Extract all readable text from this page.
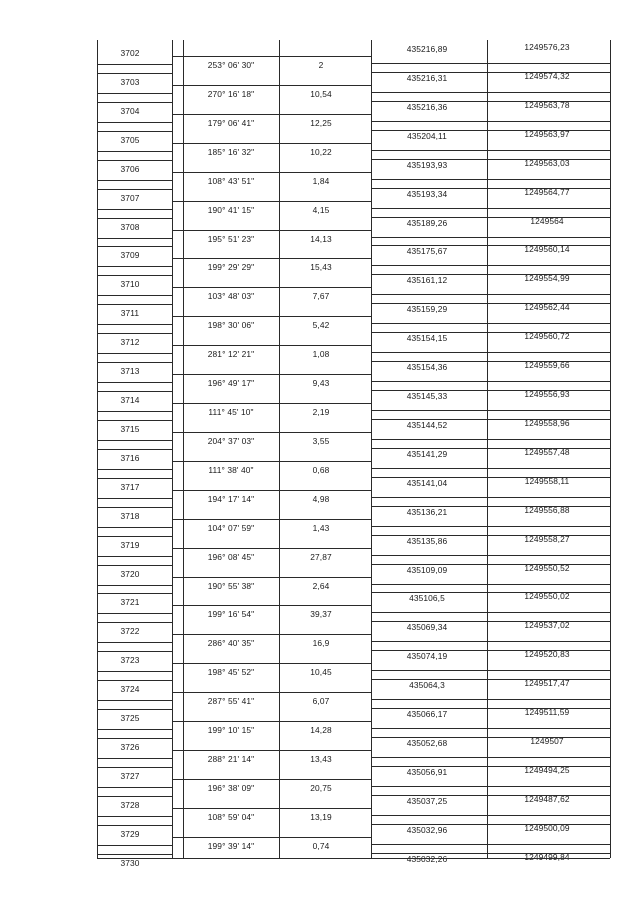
3702	435216,89	1249576,23
253° 06' 30"	2
3703	435216,31	1249574,32
270° 16' 18"	10,54
3704	435216,36	1249563,78
179° 06' 41"	12,25
3705	435204,11	1249563,97
185° 16' 32"	10,22
3706	435193,93	1249563,03
108° 43' 51"	1,84
3707	435193,34	1249564,77
190° 41' 15"	4,15
3708	435189,26	1249564
195° 51' 23"	14,13
3709	435175,67	1249560,14
199° 29' 29"	15,43
3710	435161,12	1249554,99
103° 48' 03"	7,67
3711	435159,29	1249562,44
198° 30' 06"	5,42
3712	435154,15	1249560,72
281° 12' 21"	1,08
3713	435154,36	1249559,66
196° 49' 17"	9,43
3714	435145,33	1249556,93
111° 45' 10"	2,19
3715	435144,52	1249558,96
204° 37' 03"	3,55
3716	435141,29	1249557,48
111° 38' 40"	0,68
3717	435141,04	1249558,11
194° 17' 14"	4,98
3718	435136,21	1249556,88
104° 07' 59"	1,43
3719	435135,86	1249558,27
196° 08' 45"	27,87
3720	435109,09	1249550,52
190° 55' 38"	2,64
3721	435106,5	1249550,02
199° 16' 54"	39,37
3722	435069,34	1249537,02
286° 40' 35"	16,9
3723	435074,19	1249520,83
198° 45' 52"	10,45
3724	435064,3	1249517,47
287° 55' 41"	6,07
3725	435066,17	1249511,59
199° 10' 15"	14,28
3726	435052,68	1249507
288° 21' 14"	13,43
3727	435056,91	1249494,25
196° 38' 09"	20,75
3728	435037,25	1249487,62
108° 59' 04"	13,19
3729	435032,96	1249500,09
199° 39' 14"	0,74
3730	435032,26	1249499,84
